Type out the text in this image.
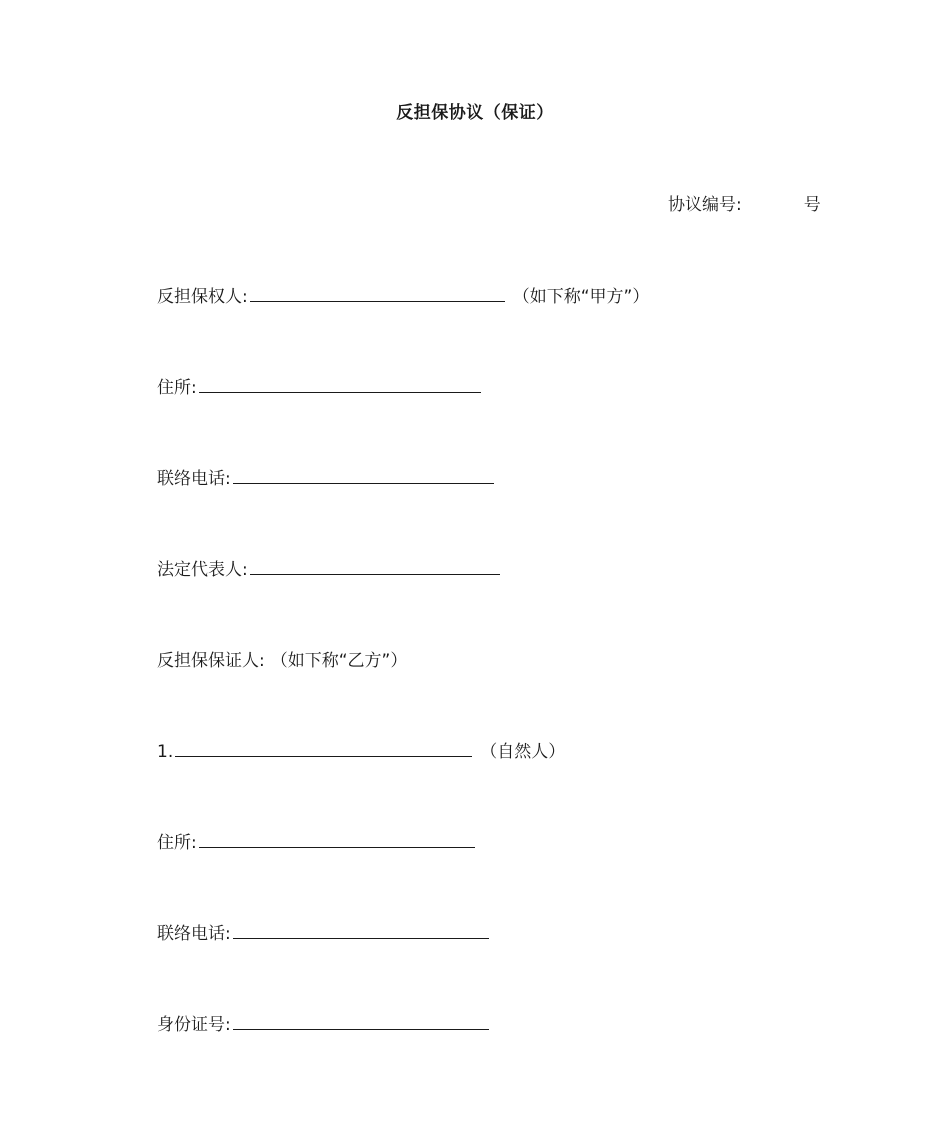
反担保协议（保证）
协议编号:	号
反担保权人:	（如下称“甲方”）
住所:
联络电话:
法定代表人:
反担保保证人: （如下称“乙方”）
1.	（自然人）
住所:
联络电话:
身份证号:
